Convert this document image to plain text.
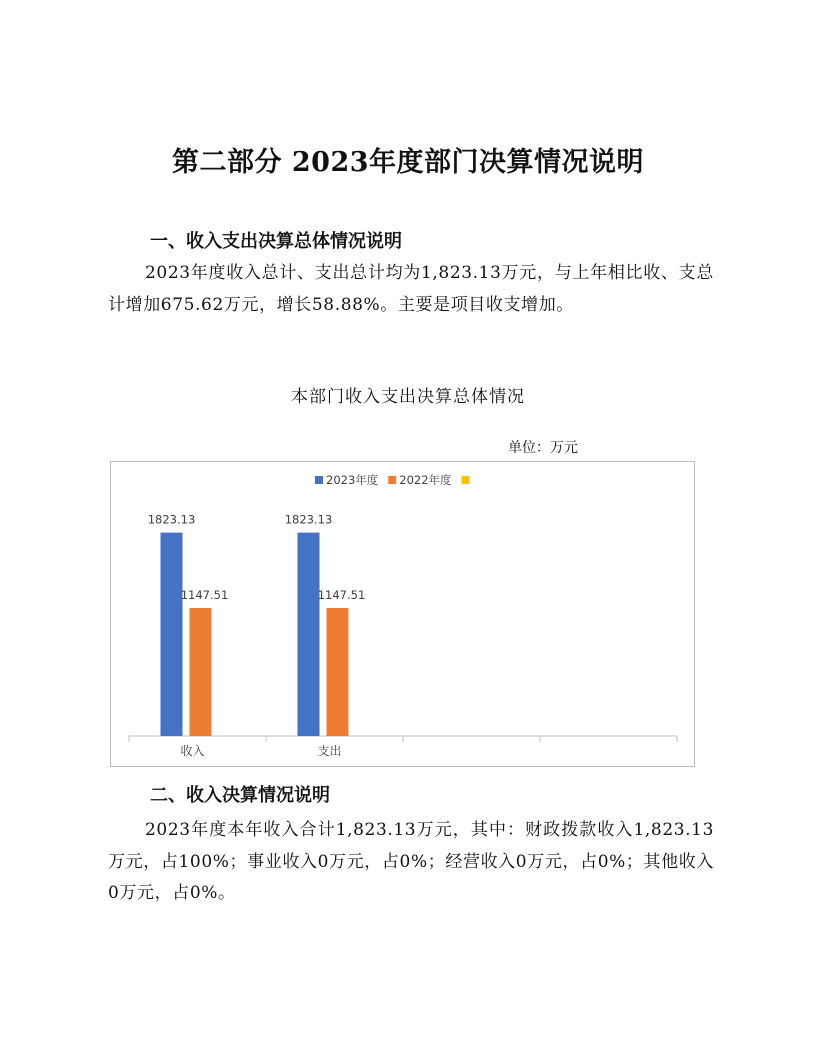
第二部分 2023年度部门决算情况说明
一、收入支出决算总体情况说明

2023年度收入总计、支出总计均为1,823.13万元，与上年相比收、支总计增加675.62万元，增长58.88%。主要是项目收支增加。

本部门收入支出决算总体情况

单位：万元

2023年度 2022年度
1823.13
1147.51
收入
1823.13
1147.51
支出
二、收入决算情况说明

2023年度本年收入合计1,823.13万元，其中：财政拨款收入1,823.13万元，占100%；事业收入0万元，占0%；经营收入0万元，占0%；其他收入0万元，占0%。
